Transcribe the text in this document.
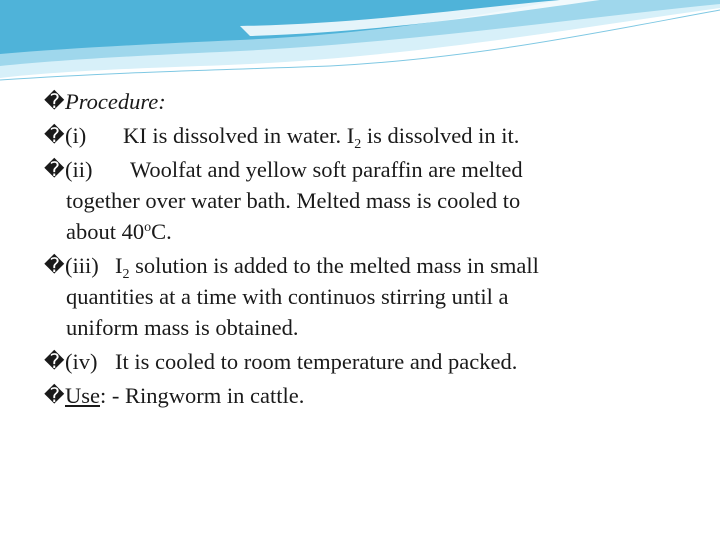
� Procedure:
� (i) KI is dissolved in water. $I_2$ is dissolved in it.
� (ii) Woolfat and yellow soft paraffin are melted
together over water bath. Melted mass is cooled to
about 40$^o$C.
� (iii) $I_2$ solution is added to the melted mass in small
quantities at a time with continuos stirring until a
uniform mass is obtained.
� (iv) It is cooled to room temperature and packed.
� Use: - Ringworm in cattle.
